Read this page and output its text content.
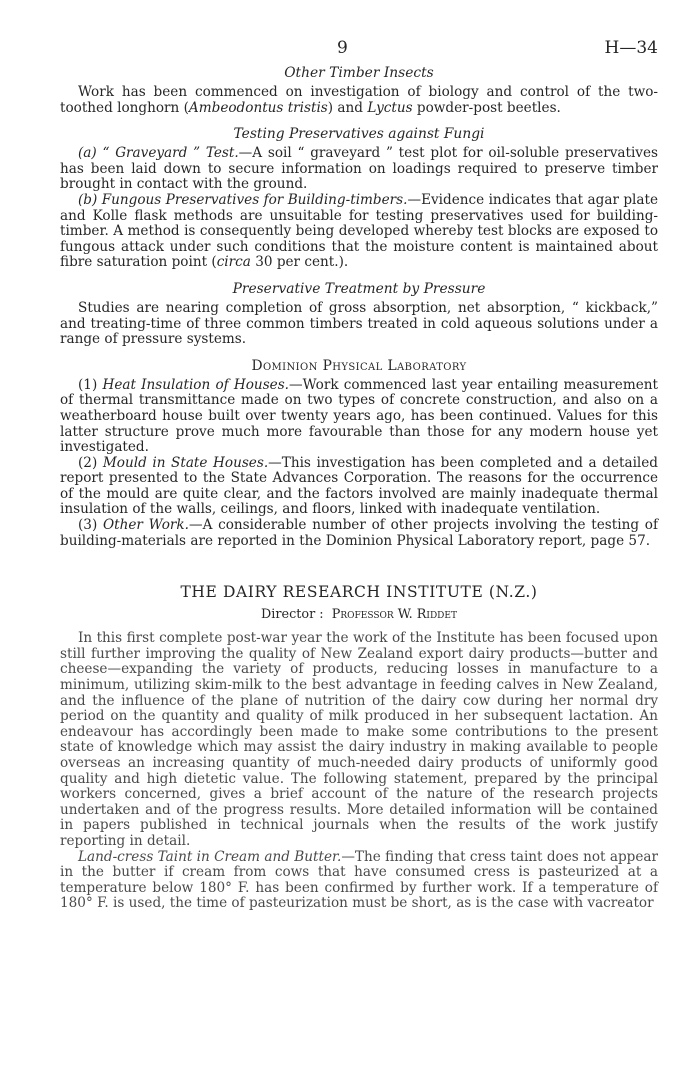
9	H—34
Other Timber Insects

Work has been commenced on investigation of biology and control of the two-toothed longhorn (Ambeodontus tristis) and Lyctus powder-post beetles.

Testing Preservatives against Fungi

(a) “ Graveyard ” Test.—A soil “ graveyard ” test plot for oil-soluble preservatives has been laid down to secure information on loadings required to preserve timber brought in contact with the ground.

(b) Fungous Preservatives for Building-timbers.—Evidence indicates that agar plate and Kolle flask methods are unsuitable for testing preservatives used for building-timber. A method is consequently being developed whereby test blocks are exposed to fungous attack under such conditions that the moisture content is maintained about fibre saturation point (circa 30 per cent.).

Preservative Treatment by Pressure

Studies are nearing completion of gross absorption, net absorption, “ kickback,” and treating-time of three common timbers treated in cold aqueous solutions under a range of pressure systems.

Dominion Physical Laboratory

(1) Heat Insulation of Houses.—Work commenced last year entailing measurement of thermal transmittance made on two types of concrete construction, and also on a weatherboard house built over twenty years ago, has been continued. Values for this latter structure prove much more favourable than those for any modern house yet investigated.

(2) Mould in State Houses.—This investigation has been completed and a detailed report presented to the State Advances Corporation. The reasons for the occurrence of the mould are quite clear, and the factors involved are mainly inadequate thermal insulation of the walls, ceilings, and floors, linked with inadequate ventilation.

(3) Other Work.—A considerable number of other projects involving the testing of building-materials are reported in the Dominion Physical Laboratory report, page 57.

THE DAIRY RESEARCH INSTITUTE (N.Z.)
Director : Professor W. Riddet

In this first complete post-war year the work of the Institute has been focused upon still further improving the quality of New Zealand export dairy products—butter and cheese—expanding the variety of products, reducing losses in manufacture to a minimum, utilizing skim-milk to the best advantage in feeding calves in New Zealand, and the influence of the plane of nutrition of the dairy cow during her normal dry period on the quantity and quality of milk produced in her subsequent lactation. An endeavour has accordingly been made to make some contributions to the present state of knowledge which may assist the dairy industry in making available to people overseas an increasing quantity of much-needed dairy products of uniformly good quality and high dietetic value. The following statement, prepared by the principal workers concerned, gives a brief account of the nature of the research projects undertaken and of the progress results. More detailed information will be contained in papers published in technical journals when the results of the work justify reporting in detail.

Land-cress Taint in Cream and Butter.—The finding that cress taint does not appear in the butter if cream from cows that have consumed cress is pasteurized at a temperature below 180° F. has been confirmed by further work. If a temperature of 180° F. is used, the time of pasteurization must be short, as is the case with vacreator
